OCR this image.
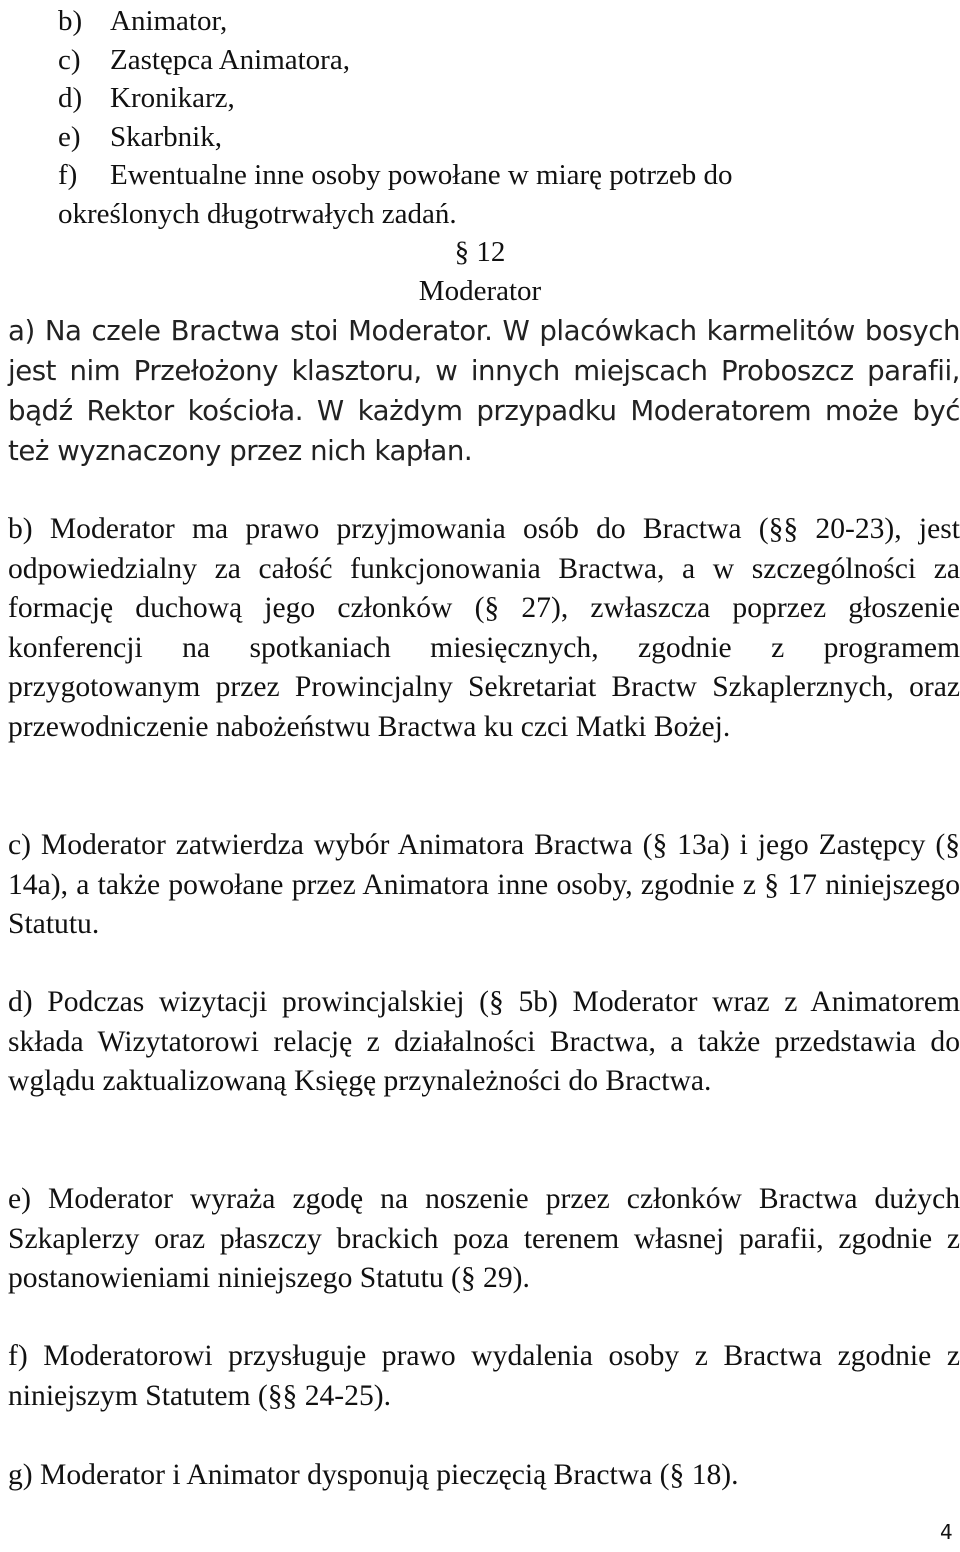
b) Animator,
c)	Zastępca Animatora,
d) Kronikarz,
e)	Skarbnik,
f)	Ewentualne inne osoby powołane w miarę potrzeb do
określonych długotrwałych zadań.
§ 12
Moderator
a) Na czele Bractwa stoi Moderator. W placówkach karmelitów bosych jest nim Przełożony klasztoru, w innych miejscach Proboszcz parafii, bądź Rektor kościoła. W każdym przypadku Moderatorem może być też wyznaczony przez nich kapłan.
b) Moderator ma prawo przyjmowania osób do Bractwa (§§ 20-23), jest odpowiedzialny za całość funkcjonowania Bractwa, a w szczególności za formację duchową jego członków (§ 27), zwłaszcza poprzez głoszenie konferencji na spotkaniach miesięcznych, zgodnie z programem przygotowanym przez Prowincjalny Sekretariat Bractw Szkaplerznych, oraz przewodniczenie nabożeństwu Bractwa ku czci Matki Bożej.
c) Moderator zatwierdza wybór Animatora Bractwa (§ 13a) i jego Zastępcy (§ 14a), a także powołane przez Animatora inne osoby, zgodnie z § 17 niniejszego Statutu.
d) Podczas wizytacji prowincjalskiej (§ 5b) Moderator wraz z Animatorem składa Wizytatorowi relację z działalności Bractwa, a także przedstawia do wglądu zaktualizowaną Księgę przynależności do Bractwa.
e) Moderator wyraża zgodę na noszenie przez członków Bractwa dużych Szkaplerzy oraz płaszczy brackich poza terenem własnej parafii, zgodnie z postanowieniami niniejszego Statutu (§ 29).
f) Moderatorowi przysługuje prawo wydalenia osoby z Bractwa zgodnie z niniejszym Statutem (§§ 24-25).
g) Moderator i Animator dysponują pieczęcią Bractwa (§ 18).
4
